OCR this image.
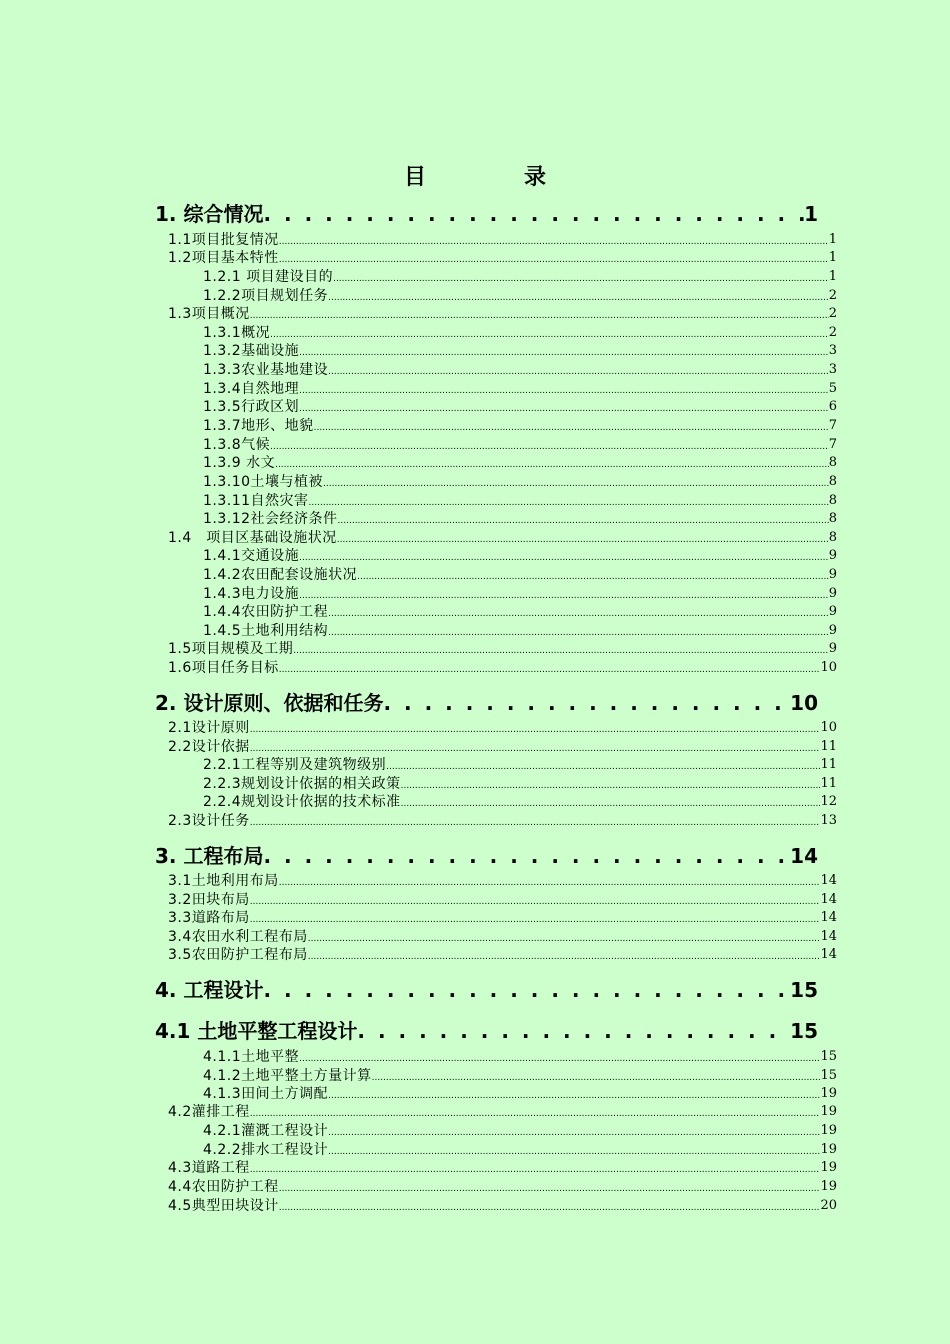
目　录
1. 综合情况 . . .	1
1.1项目批复情况 .....	1
1.2项目基本特性 .....	1
1.2.1 项目建设目的 .....	1
1.2.2项目规划任务 .....	2
1.3项目概况 .....	2
1.3.1概况 .....	2
1.3.2基础设施 .....	3
1.3.3农业基地建设 .....	3
1.3.4自然地理 .....	5
1.3.5行政区划 .....	6
1.3.7地形、地貌 .....	7
1.3.8气候 .....	7
1.3.9 水文 .....	8
1.3.10土壤与植被 .....	8
1.3.11自然灾害 .....	8
1.3.12社会经济条件 .....	8
1.4　项目区基础设施状况 .....	8
1.4.1交通设施 .....	9
1.4.2农田配套设施状况 .....	9
1.4.3电力设施 .....	9
1.4.4农田防护工程 .....	9
1.4.5土地利用结构 .....	9
1.5项目规模及工期 .....	9
1.6项目任务目标 .....	10
2. 设计原则、依据和任务 . . .	10
2.1设计原则 .....	10
2.2设计依据 .....	11
2.2.1工程等别及建筑物级别 .....	11
2.2.3规划设计依据的相关政策 .....	11
2.2.4规划设计依据的技术标准 .....	12
2.3设计任务 .....	13
3. 工程布局 . . .	14
3.1土地利用布局 .....	14
3.2田块布局 .....	14
3.3道路布局 .....	14
3.4农田水利工程布局 .....	14
3.5农田防护工程布局 .....	14
4. 工程设计 . . .	15
4.1 土地平整工程设计 . . .	15
4.1.1土地平整 .....	15
4.1.2土地平整土方量计算 .....	15
4.1.3田间土方调配 .....	19
4.2灌排工程 .....	19
4.2.1灌溉工程设计 .....	19
4.2.2排水工程设计 .....	19
4.3道路工程 .....	19
4.4农田防护工程 .....	19
4.5典型田块设计 .....	20
